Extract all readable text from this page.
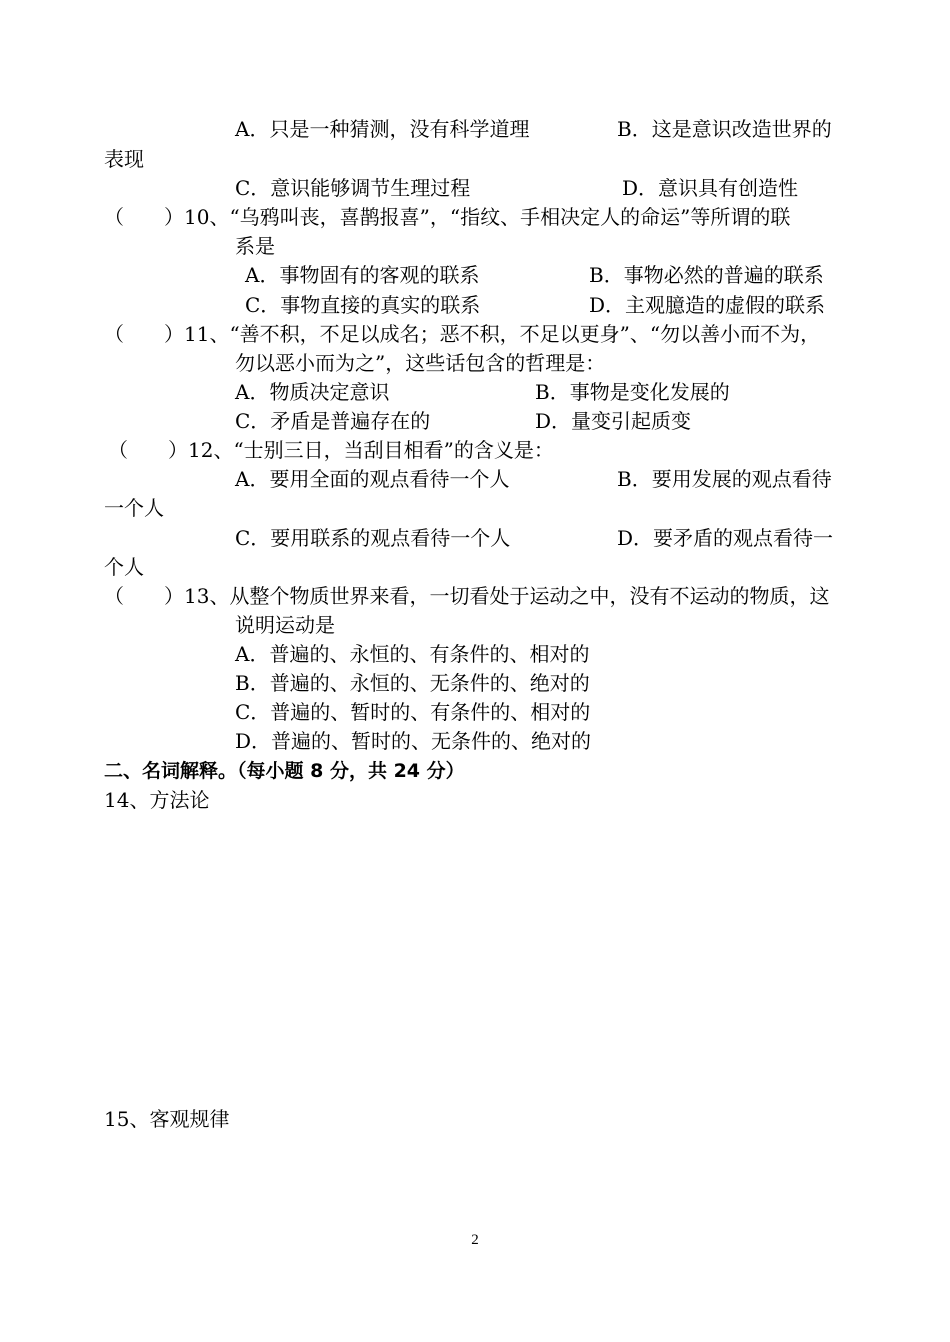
A．只是一种猜测，没有科学道理	B．这是意识改造世界的
表现
C．意识能够调节生理过程	D．意识具有创造性
（　　）10、“乌鸦叫丧，喜鹊报喜”，“指纹、手相决定人的命运”等所谓的联
系是
A．事物固有的客观的联系	B．事物必然的普遍的联系
C．事物直接的真实的联系	D．主观臆造的虚假的联系
（　　）11、“善不积，不足以成名；恶不积，不足以更身”、“勿以善小而不为，
勿以恶小而为之”，这些话包含的哲理是：
A．物质决定意识	B．事物是变化发展的
C．矛盾是普遍存在的	D．量变引起质变
（　　）12、“士别三日，当刮目相看”的含义是：
A．要用全面的观点看待一个人	B．要用发展的观点看待
一个人
C．要用联系的观点看待一个人	D．要矛盾的观点看待一
个人
（　　）13、从整个物质世界来看，一切看处于运动之中，没有不运动的物质，这
说明运动是
A．普遍的、永恒的、有条件的、相对的
B．普遍的、永恒的、无条件的、绝对的
C．普遍的、暂时的、有条件的、相对的
D．普遍的、暂时的、无条件的、绝对的
二、名词解释。（每小题 8 分，共 24 分）
14、方法论
15、客观规律
2
